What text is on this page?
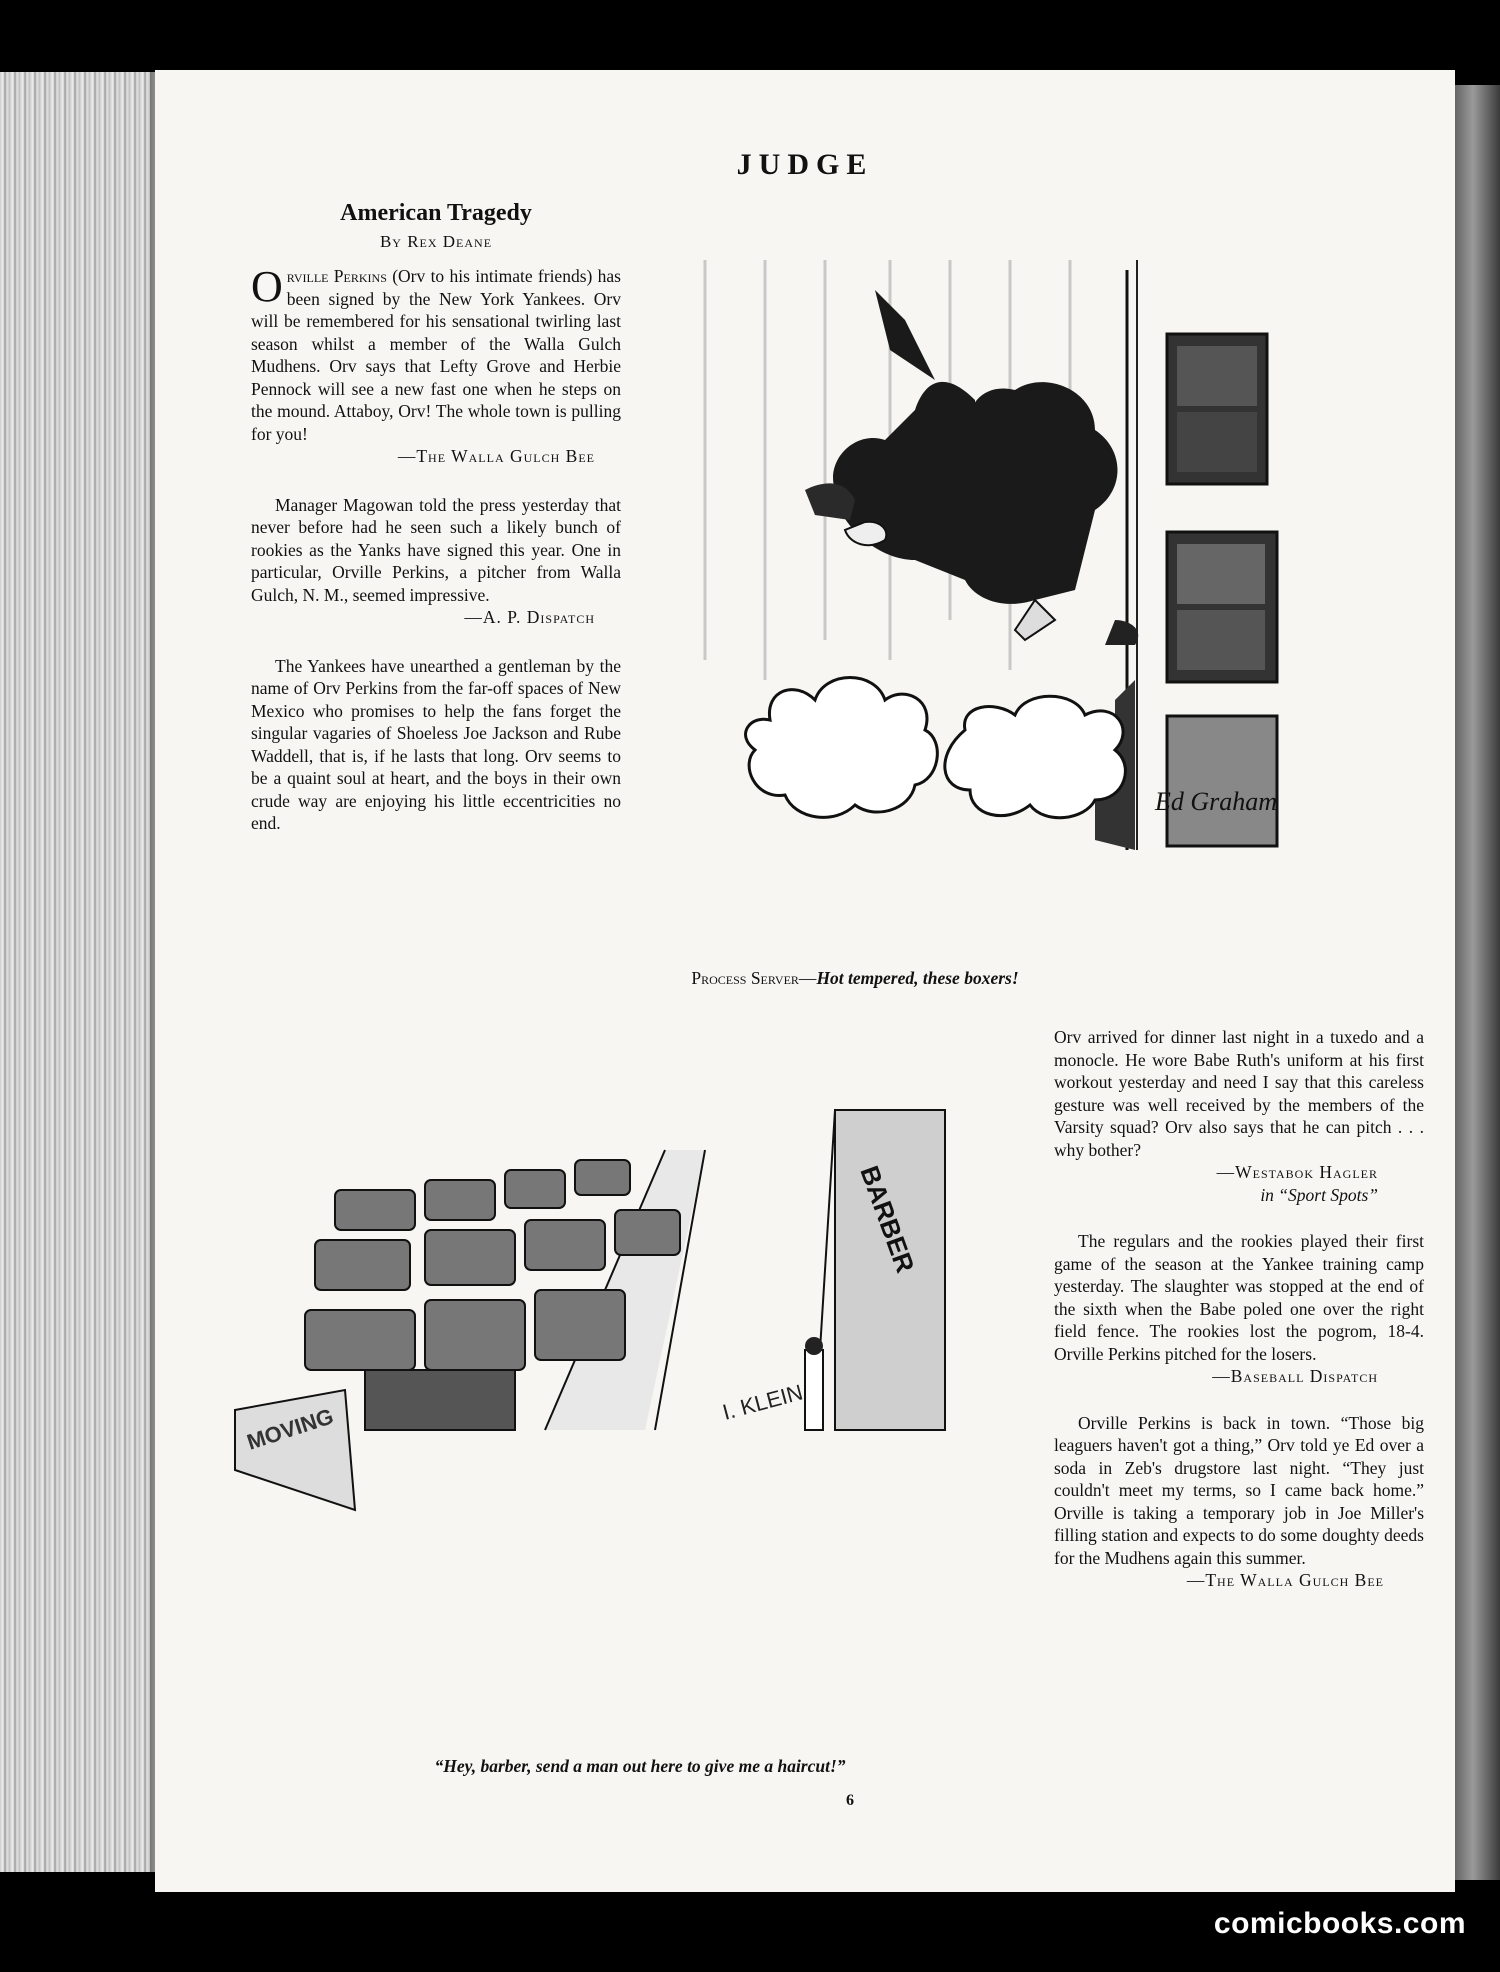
JUDGE
American Tragedy
By Rex Deane

Orville Perkins (Orv to his intimate friends) has been signed by the New York Yankees. Orv will be remembered for his sensational twirling last season whilst a member of the Walla Gulch Mudhens. Orv says that Lefty Grove and Herbie Pennock will see a new fast one when he steps on the mound. Attaboy, Orv! The whole town is pulling for you!

—The Walla Gulch Bee

Manager Magowan told the press yesterday that never before had he seen such a likely bunch of rookies as the Yanks have signed this year. One in particular, Orville Perkins, a pitcher from Walla Gulch, N. M., seemed impressive.

—A. P. Dispatch

The Yankees have unearthed a gentleman by the name of Orv Perkins from the far-off spaces of New Mexico who promises to help the fans forget the singular vagaries of Shoeless Joe Jackson and Rube Waddell, that is, if he lasts that long. Orv seems to be a quaint soul at heart, and the boys in their own crude way are enjoying his little eccentricities no end.

Ed Graham
Process Server—Hot tempered, these boxers!
MOVING
BARBER
I. KLEIN

Orv arrived for dinner last night in a tuxedo and a monocle. He wore Babe Ruth's uniform at his first workout yesterday and need I say that this careless gesture was well received by the members of the Varsity squad? Orv also says that he can pitch . . . why bother?

—Westabok Hagler

in “Sport Spots”

The regulars and the rookies played their first game of the season at the Yankee training camp yesterday. The slaughter was stopped at the end of the sixth when the Babe poled one over the right field fence. The rookies lost the pogrom, 18-4. Orville Perkins pitched for the losers.

—Baseball Dispatch

Orville Perkins is back in town. “Those big leaguers haven't got a thing,” Orv told ye Ed over a soda in Zeb's drugstore last night. “They just couldn't meet my terms, so I came back home.” Orville is taking a temporary job in Joe Miller's filling station and expects to do some doughty deeds for the Mudhens again this summer.

—The Walla Gulch Bee

“Hey, barber, send a man out here to give me a haircut!”
6
comicbooks.com
